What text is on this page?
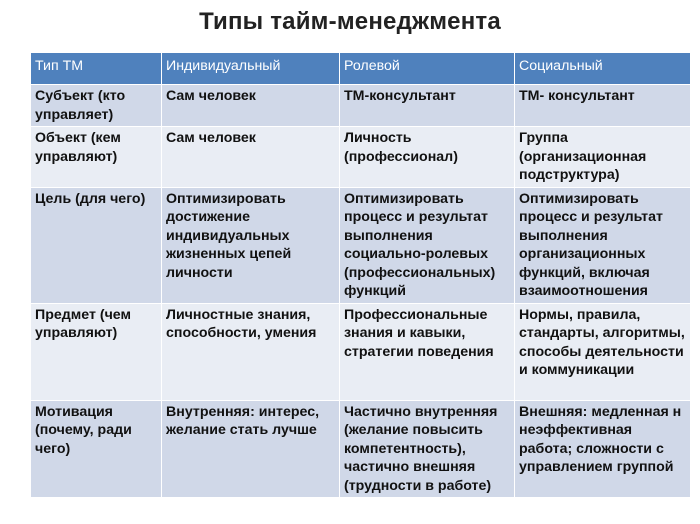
Типы тайм-менеджмента
Тип ТМ	Индивидуальный	Ролевой	Социальный
Субъект (кто управляет)	Сам человек	ТМ-консультант	ТМ- консультант
Объект (кем управляют)	Сам человек	Личность (профессионал)	Группа (организационная подструктура)
Цель (для чего)	Оптимизировать достижение индивидуальных жизненных цепей личности	Оптимизировать процесс и результат выполнения социально-ролевых (профессиональных) функций	Оптимизировать процесс и результат выполнения организационных функций, включая взаимоотношения
Предмет (чем управляют)	Личностные знания, способности, умения	Профессиональные знания и кавыки, стратегии поведения	Нормы, правила, стандарты, алгоритмы, способы деятельности и коммуникации
Мотивация (почему, ради чего)	Внутренняя: интерес, желание стать лучше	Частично внутренняя (желание повысить компетентность), частично внешняя (трудности в работе)	Внешняя: медленная н неэффективная работа; сложности с управлением группой
